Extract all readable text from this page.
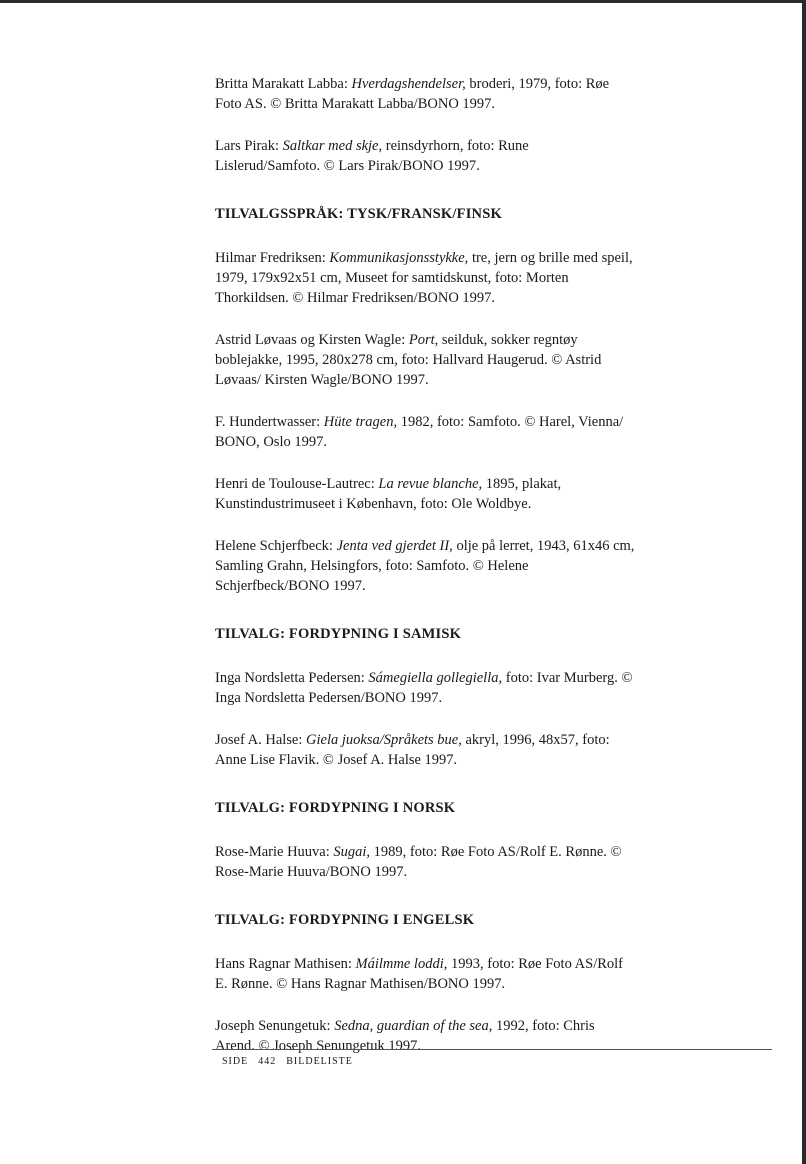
Britta Marakatt Labba: Hverdagshendelser, broderi, 1979, foto: Røe Foto AS. © Britta Marakatt Labba/BONO 1997.

Lars Pirak: Saltkar med skje, reinsdyrhorn, foto: Rune Lislerud/Samfoto. © Lars Pirak/BONO 1997.

TILVALGSSPRÅK: TYSK/FRANSK/FINSK

Hilmar Fredriksen: Kommunikasjonsstykke, tre, jern og brille med speil, 1979, 179x92x51 cm, Museet for samtidskunst, foto: Morten Thorkildsen. © Hilmar Fredriksen/BONO 1997.

Astrid Løvaas og Kirsten Wagle: Port, seilduk, sokker regntøy boblejakke, 1995, 280x278 cm, foto: Hallvard Haugerud. © Astrid Løvaas/ Kirsten Wagle/BONO 1997.

F. Hundertwasser: Hüte tragen, 1982, foto: Samfoto. © Harel, Vienna/ BONO, Oslo 1997.

Henri de Toulouse-Lautrec: La revue blanche, 1895, plakat, Kunstindustrimuseet i København, foto: Ole Woldbye.

Helene Schjerfbeck: Jenta ved gjerdet II, olje på lerret, 1943, 61x46 cm, Samling Grahn, Helsingfors, foto: Samfoto. © Helene Schjerfbeck/BONO 1997.

TILVALG: FORDYPNING I SAMISK

Inga Nordsletta Pedersen: Sámegiella gollegiella, foto: Ivar Murberg. © Inga Nordsletta Pedersen/BONO 1997.

Josef A. Halse: Giela juoksa/Språkets bue, akryl, 1996, 48x57, foto: Anne Lise Flavik. © Josef A. Halse 1997.

TILVALG: FORDYPNING I NORSK

Rose-Marie Huuva: Sugai, 1989, foto: Røe Foto AS/Rolf E. Rønne. © Rose-Marie Huuva/BONO 1997.

TILVALG: FORDYPNING I ENGELSK

Hans Ragnar Mathisen: Máilmme loddi, 1993, foto: Røe Foto AS/Rolf E. Rønne. © Hans Ragnar Mathisen/BONO 1997.

Joseph Senungetuk: Sedna, guardian of the sea, 1992, foto: Chris Arend. © Joseph Senungetuk 1997.

SIDE 442 BILDELISTE
